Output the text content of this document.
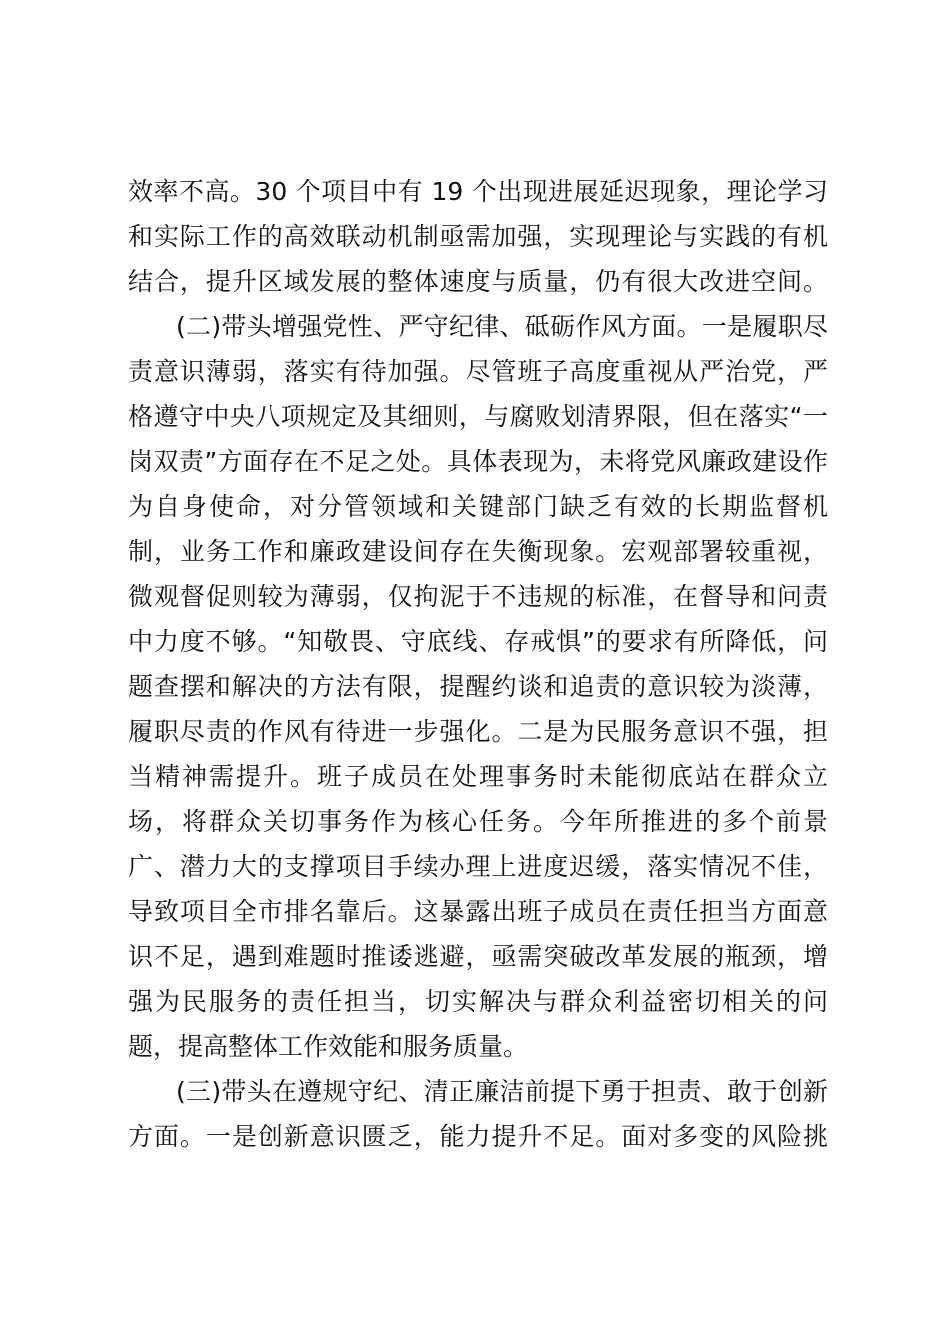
效率不高。30 个项目中有 19 个出现进展延迟现象，理论学习
和实际工作的高效联动机制亟需加强，实现理论与实践的有机
结合，提升区域发展的整体速度与质量，仍有很大改进空间。
(二)带头增强党性、严守纪律、砥砺作风方面。一是履职尽
责意识薄弱，落实有待加强。尽管班子高度重视从严治党，严
格遵守中央八项规定及其细则，与腐败划清界限，但在落实“一
岗双责”方面存在不足之处。具体表现为，未将党风廉政建设作
为自身使命，对分管领域和关键部门缺乏有效的长期监督机
制，业务工作和廉政建设间存在失衡现象。宏观部署较重视，
微观督促则较为薄弱，仅拘泥于不违规的标准，在督导和问责
中力度不够。“知敬畏、守底线、存戒惧”的要求有所降低，问
题查摆和解决的方法有限，提醒约谈和追责的意识较为淡薄，
履职尽责的作风有待进一步强化。二是为民服务意识不强，担
当精神需提升。班子成员在处理事务时未能彻底站在群众立
场，将群众关切事务作为核心任务。今年所推进的多个前景
广、潜力大的支撑项目手续办理上进度迟缓，落实情况不佳，
导致项目全市排名靠后。这暴露出班子成员在责任担当方面意
识不足，遇到难题时推诿逃避，亟需突破改革发展的瓶颈，增
强为民服务的责任担当，切实解决与群众利益密切相关的问
题，提高整体工作效能和服务质量。
(三)带头在遵规守纪、清正廉洁前提下勇于担责、敢于创新
方面。一是创新意识匮乏，能力提升不足。面对多变的风险挑
